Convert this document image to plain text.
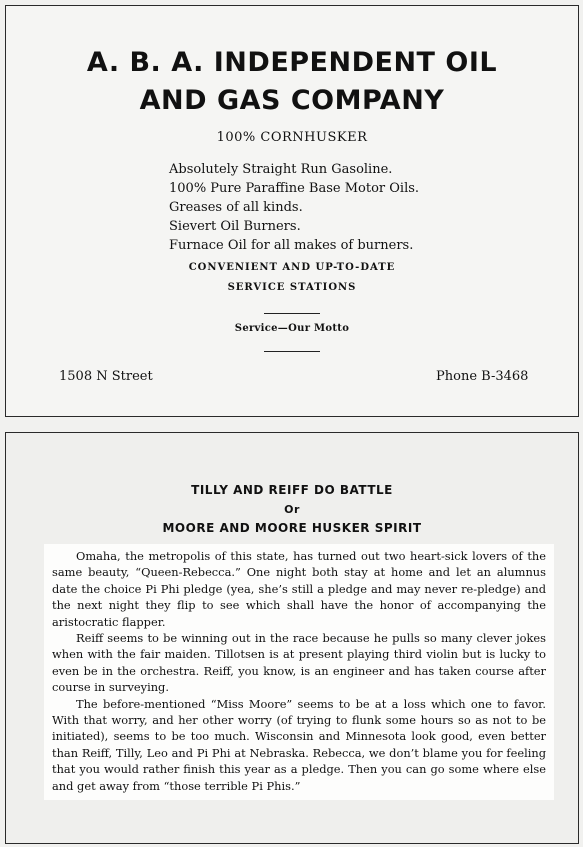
A. B. A. INDEPENDENT OIL
AND GAS COMPANY
100% CORNHUSKER
Absolutely Straight Run Gasoline.
100% Pure Paraffine Base Motor Oils.
Greases of all kinds.
Sievert Oil Burners.
Furnace Oil for all makes of burners.
CONVENIENT AND UP-TO-DATE
SERVICE STATIONS
Service—Our Motto
1508 N Street	Phone B-3468
TILLY AND REIFF DO BATTLE
Or
MOORE AND MOORE HUSKER SPIRIT

Omaha, the metropolis of this state, has turned out two heart-sick lovers of the same beauty, “Queen-Rebecca.” One night both stay at home and let an alumnus date the choice Pi Phi pledge (yea, she’s still a pledge and may never re-pledge) and the next night they flip to see which shall have the honor of accompanying the aristocratic flapper.

Reiff seems to be winning out in the race because he pulls so many clever jokes when with the fair maiden. Tillotsen is at present playing third violin but is lucky to even be in the orchestra. Reiff, you know, is an engineer and has taken course after course in surveying.

The before-mentioned “Miss Moore” seems to be at a loss which one to favor. With that worry, and her other worry (of trying to flunk some hours so as not to be initiated), seems to be too much. Wisconsin and Minnesota look good, even better than Reiff, Tilly, Leo and Pi Phi at Nebraska. Rebecca, we don’t blame you for feeling that you would rather finish this year as a pledge. Then you can go some where else and get away from “those terrible Pi Phis.”
